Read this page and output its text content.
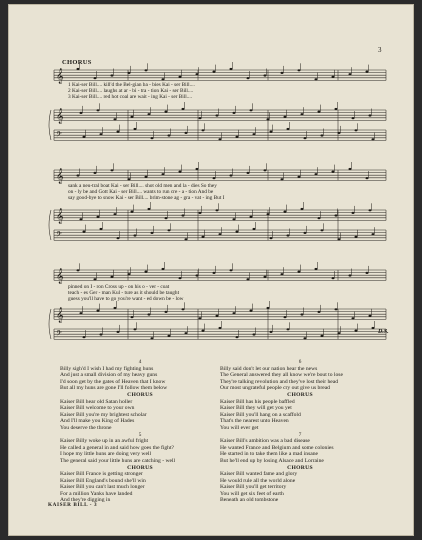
3
CHORUS
𝄞
𝄞
𝄢
𝄞
𝄞
𝄢
𝄞
𝄞
𝄢
1 Kai-ser Bill.... kill'd the Bel-gian ba - bies Kai - ser Bill....
2 Kai-ser Bill.... laughs at ar - bi - tra - tion Kai - ser Bill....
3 Kai-ser Bill.... red hot coal are wait - ing Kai - ser Bill....
sank a neu-tral boat Kai - ser Bill.... shot old men and la - dies So they
on - ly be and Gott Kai - ser Bill.... wants to run cre - a - tion And be
say good-bye to snow Kai - ser Bill.... brim-stone ag - gra - vat - ing But I
pinned on I - ron Cross up - on his o - ver - coat
teach - es Ger - man Kul - ture as it should be taught
guess you'll have to go you're want - ed down be - low
D.S.
4
Billy sigh'd I wish I had my fighting huns
And just a small division of my heavy guns
I'd soon get by the gates of Heaven that I know
But all my huns are gone I'll follow them below
CHORUS
Kaiser Bill hear old Satan holler
Kaiser Bill welcome to your own
Kaiser Bill you're my brightest scholar
And I'll make you King of Hades
You deserve the throne
5
Kaiser Billy woke up in an awful fright
He called a general in and said how goes the fight?
I hope my little huns are doing very well
The general said your little huns are catching - well
CHORUS
Kaiser Bill France is getting stronger
Kaiser Bill England's bound she'll win
Kaiser Bill you can't last much longer
For a million Yanks have landed
And they're digging in
6
Billy said don't let our nation hear the news
The General answered they all know we're bout to lose
They're talking revolution and they've lost their head
Our most ungrateful people cry out give us bread
CHORUS
Kaiser Bill has his people baffled
Kaiser Bill they will get you yet
Kaiser Bill you'll hang on a scaffold
That's the nearest unto Heaven
You will ever get
7
Kaiser Bill's ambition was a bad disease
He wanted France and Belgium and some colonies
He started in to take them like a mad insane
But he'll end up by losing Alsace and Lorraine
CHORUS
Kaiser Bill wanted fame and glory
He would rule all the world alone
Kaiser Bill you'll get territory
You will get six feet of earth
Beneath an old tombstone
KAISER BILL - 3
